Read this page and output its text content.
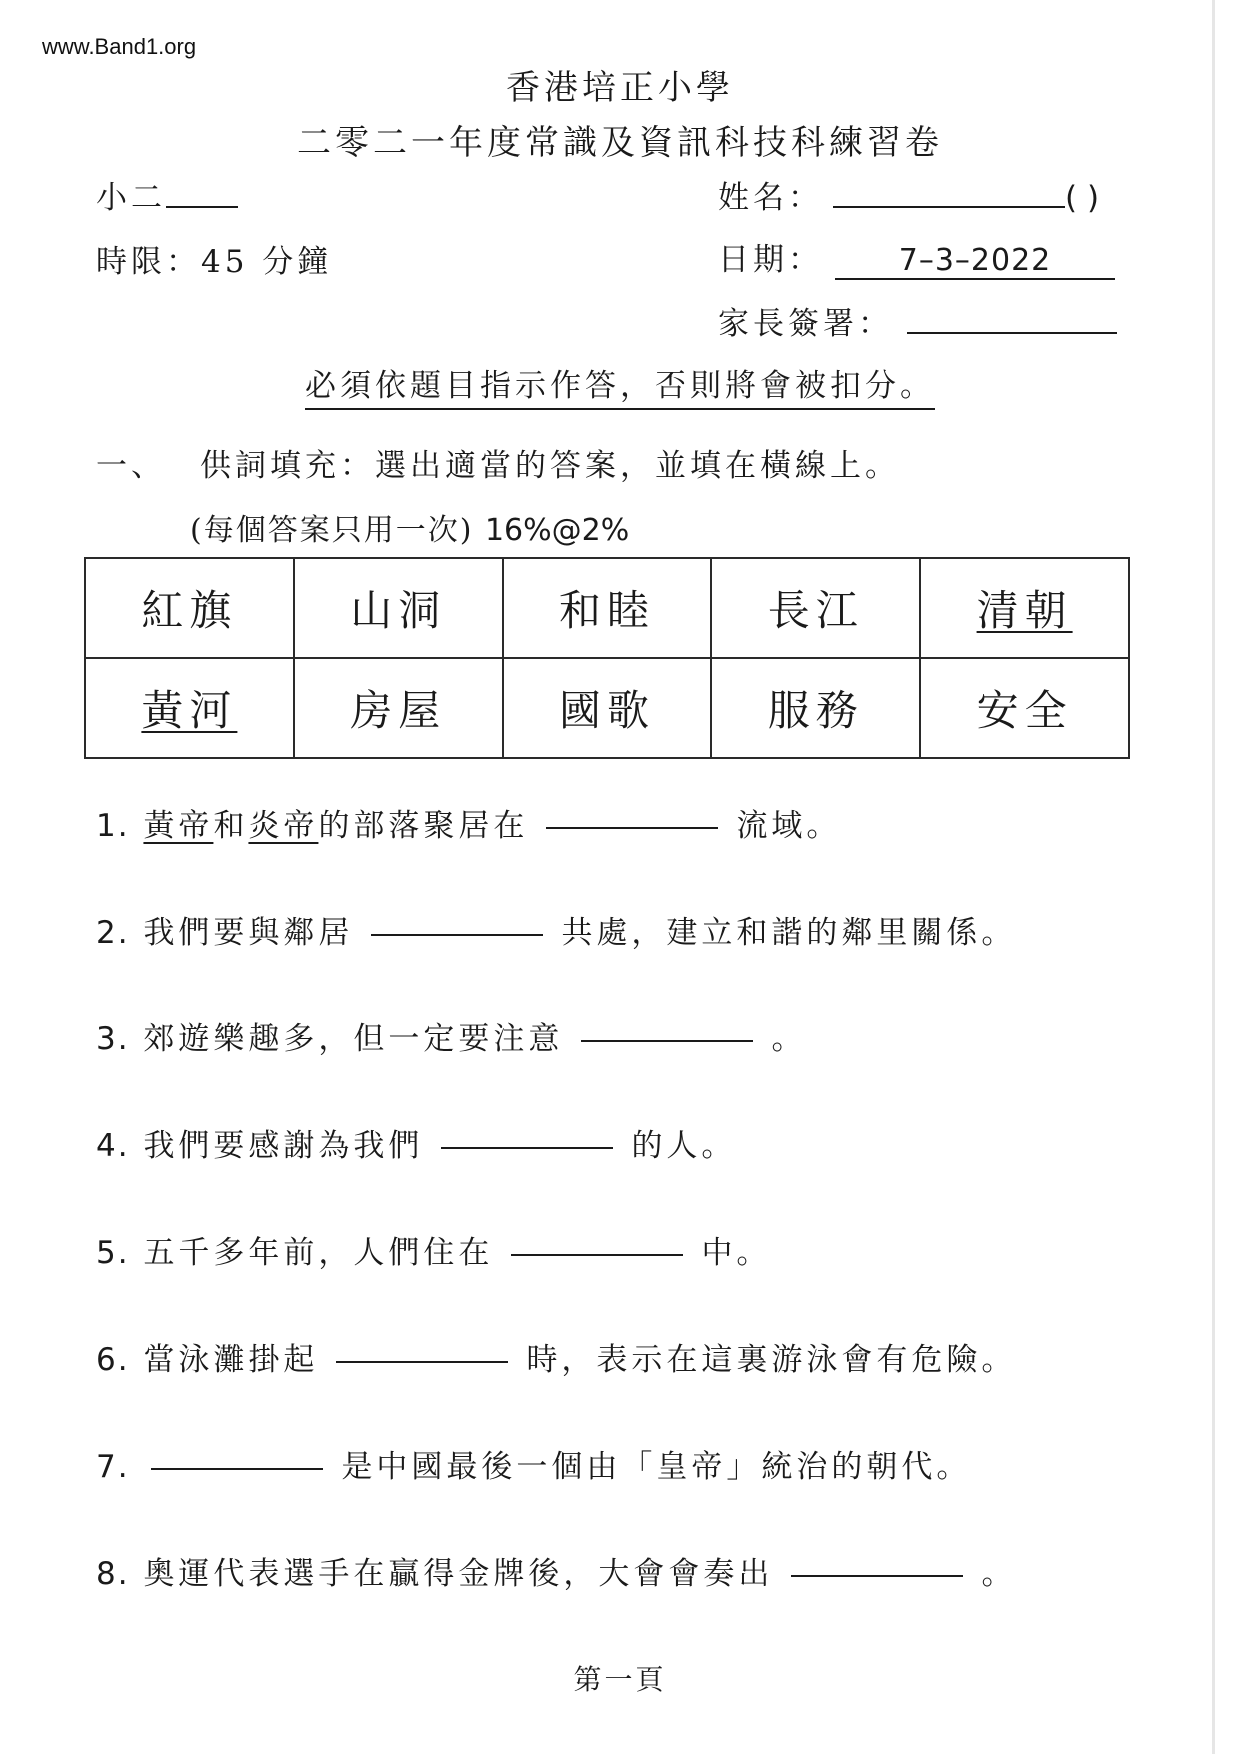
www.Band1.org
香港培正小學
二零二一年度常識及資訊科技科練習卷
小二	姓名：	( )
時限：45 分鐘	日期：	7–3–2022
家長簽署：
必須依題目指示作答，否則將會被扣分。
一、 供詞填充：選出適當的答案，並填在橫線上。
(每個答案只用一次) 16%@2%
紅旗	山洞	和睦	長江	清朝
黃河	房屋	國歌	服務	安全
1. 黃帝和炎帝的部落聚居在	流域。
2. 我們要與鄰居	共處，建立和諧的鄰里關係。
3. 郊遊樂趣多，但一定要注意	。
4. 我們要感謝為我們	的人。
5. 五千多年前，人們住在	中。
6. 當泳灘掛起	時，表示在這裏游泳會有危險。
7.	是中國最後一個由「皇帝」統治的朝代。
8. 奧運代表選手在贏得金牌後，大會會奏出	。
第一頁
